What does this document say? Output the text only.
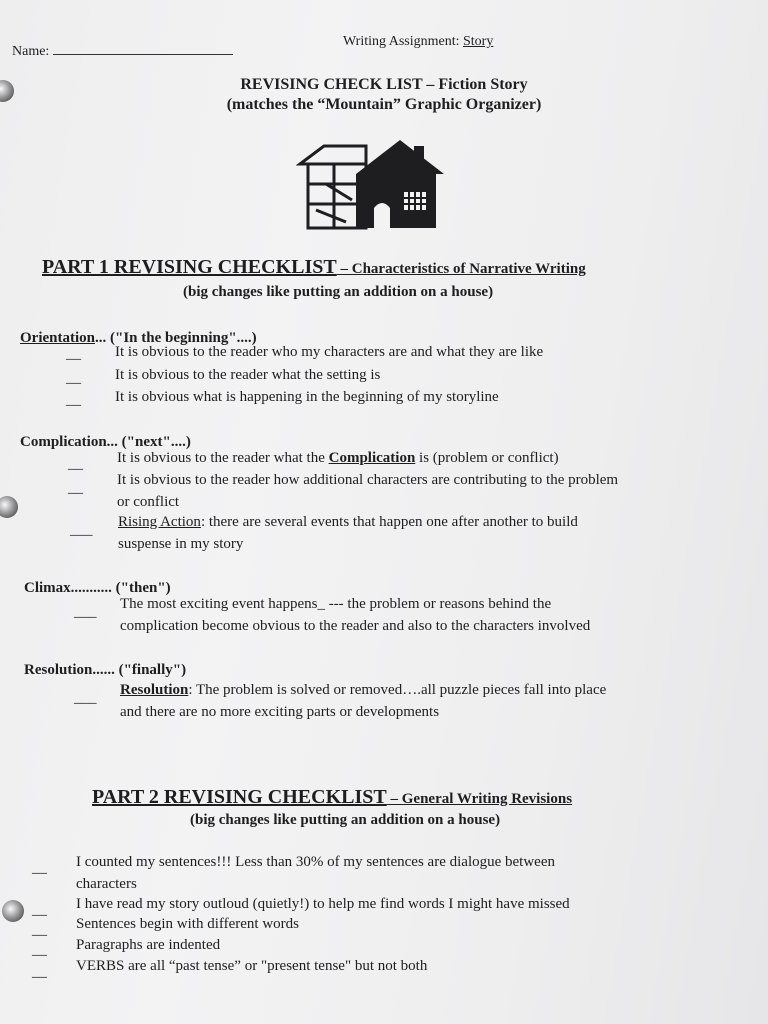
Name:
Writing Assignment: Story
REVISING CHECK LIST – Fiction Story
(matches the “Mountain” Graphic Organizer)
PART 1 REVISING CHECKLIST – Characteristics of Narrative Writing
(big changes like putting an addition on a house)
Orientation... ("In the beginning"....)
__ It is obvious to the reader who my characters are and what they are like
__ It is obvious to the reader what the setting is
__ It is obvious what is happening in the beginning of my storyline
Complication... ("next"....)
__ It is obvious to the reader what the Complication is (problem or conflict)
__ It is obvious to the reader how additional characters are contributing to the problem
or conflict
___ Rising Action: there are several events that happen one after another to build
suspense in my story
Climax........... ("then")
___ The most exciting event happens_ --- the problem or reasons behind the
complication become obvious to the reader and also to the characters involved
Resolution...... ("finally")
___ Resolution: The problem is solved or removed….all puzzle pieces fall into place
and there are no more exciting parts or developments
PART 2 REVISING CHECKLIST – General Writing Revisions
(big changes like putting an addition on a house)
__ I counted my sentences!!! Less than 30% of my sentences are dialogue between
characters
__ I have read my story outloud (quietly!) to help me find words I might have missed
__ Sentences begin with different words
__ Paragraphs are indented
__ VERBS are all “past tense” or "present tense" but not both
